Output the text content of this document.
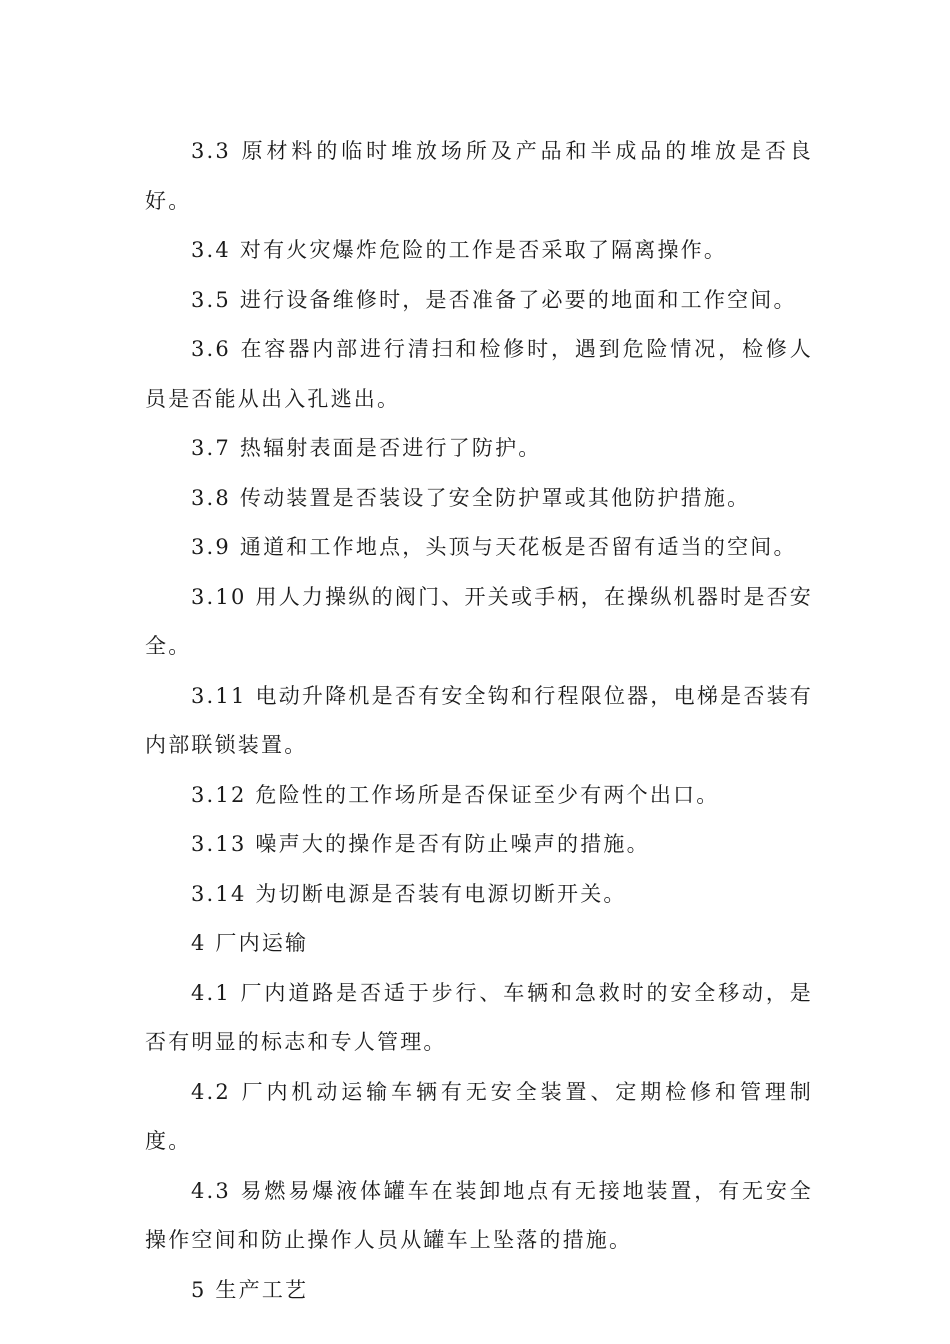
3.3 原材料的临时堆放场所及产品和半成品的堆放是否良好。

3.4 对有火灾爆炸危险的工作是否采取了隔离操作。

3.5 进行设备维修时，是否准备了必要的地面和工作空间。

3.6 在容器内部进行清扫和检修时，遇到危险情况，检修人员是否能从出入孔逃出。

3.7 热辐射表面是否进行了防护。

3.8 传动装置是否装设了安全防护罩或其他防护措施。

3.9 通道和工作地点，头顶与天花板是否留有适当的空间。

3.10 用人力操纵的阀门、开关或手柄，在操纵机器时是否安全。

3.11 电动升降机是否有安全钩和行程限位器，电梯是否装有内部联锁装置。

3.12 危险性的工作场所是否保证至少有两个出口。

3.13 噪声大的操作是否有防止噪声的措施。

3.14 为切断电源是否装有电源切断开关。

4 厂内运输

4.1 厂内道路是否适于步行、车辆和急救时的安全移动，是否有明显的标志和专人管理。

4.2 厂内机动运输车辆有无安全装置、定期检修和管理制度。

4.3 易燃易爆液体罐车在装卸地点有无接地装置，有无安全操作空间和防止操作人员从罐车上坠落的措施。

5 生产工艺
